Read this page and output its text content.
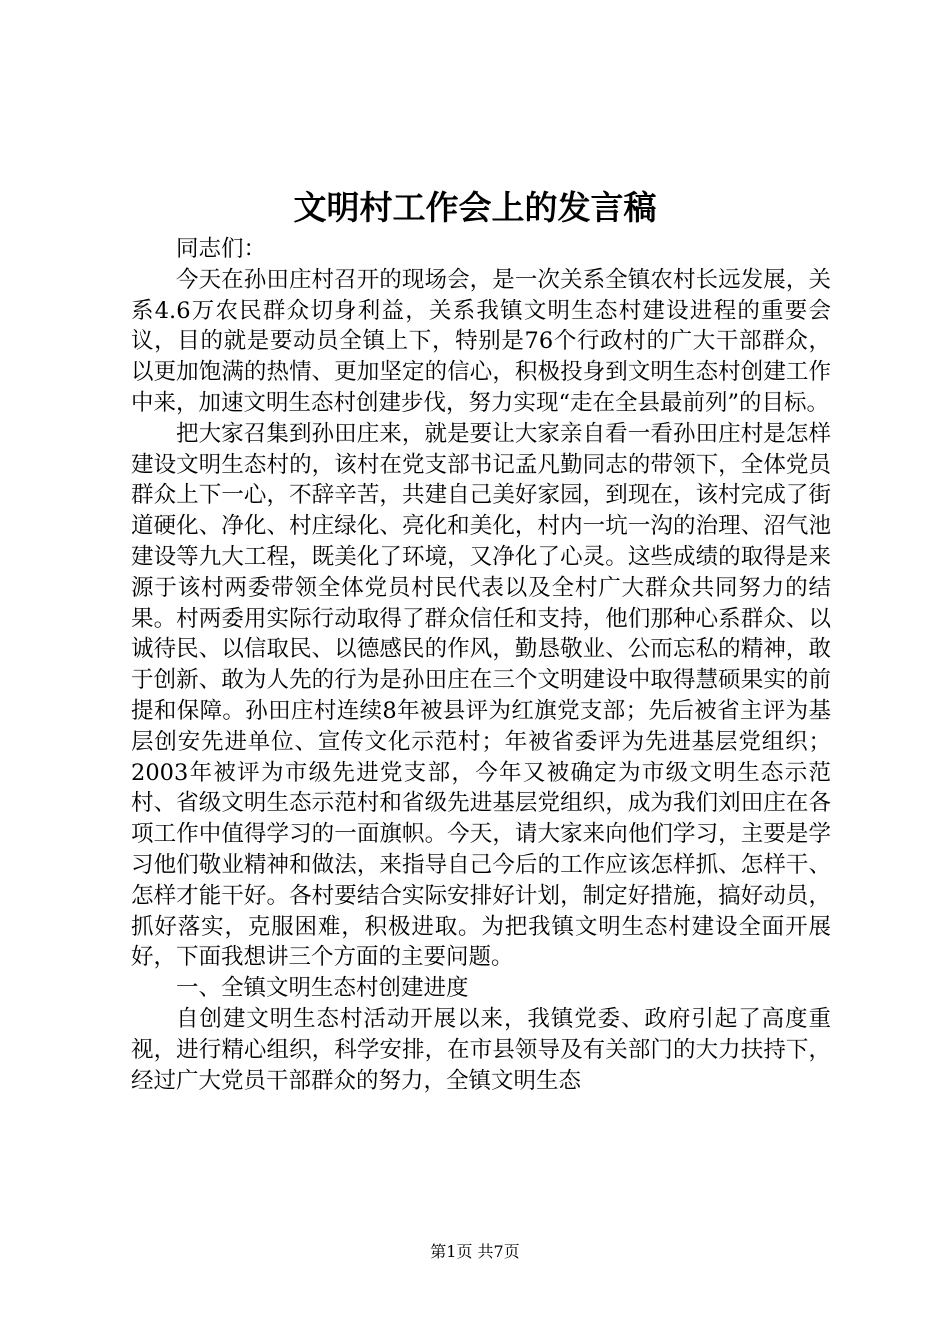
文明村工作会上的发言稿

同志们：

今天在孙田庄村召开的现场会，是一次关系全镇农村长远发展，关系4.6万农民群众切身利益，关系我镇文明生态村建设进程的重要会议，目的就是要动员全镇上下，特别是76个行政村的广大干部群众，以更加饱满的热情、更加坚定的信心，积极投身到文明生态村创建工作中来，加速文明生态村创建步伐，努力实现“走在全县最前列”的目标。

把大家召集到孙田庄来，就是要让大家亲自看一看孙田庄村是怎样建设文明生态村的，该村在党支部书记孟凡勤同志的带领下，全体党员群众上下一心，不辞辛苦，共建自己美好家园，到现在，该村完成了街道硬化、净化、村庄绿化、亮化和美化，村内一坑一沟的治理、沼气池建设等九大工程，既美化了环境，又净化了心灵。这些成绩的取得是来源于该村两委带领全体党员村民代表以及全村广大群众共同努力的结果。村两委用实际行动取得了群众信任和支持，他们那种心系群众、以诚待民、以信取民、以德感民的作风，勤恳敬业、公而忘私的精神，敢于创新、敢为人先的行为是孙田庄在三个文明建设中取得慧硕果实的前提和保障。孙田庄村连续8年被县评为红旗党支部；先后被省主评为基层创安先进单位、宣传文化示范村；年被省委评为先进基层党组织；2003年被评为市级先进党支部，今年又被确定为市级文明生态示范村、省级文明生态示范村和省级先进基层党组织，成为我们刘田庄在各项工作中值得学习的一面旗帜。今天，请大家来向他们学习，主要是学习他们敬业精神和做法，来指导自己今后的工作应该怎样抓、怎样干、怎样才能干好。各村要结合实际安排好计划，制定好措施，搞好动员，抓好落实，克服困难，积极进取。为把我镇文明生态村建设全面开展好，下面我想讲三个方面的主要问题。

一、全镇文明生态村创建进度

自创建文明生态村活动开展以来，我镇党委、政府引起了高度重视，进行精心组织，科学安排，在市县领导及有关部门的大力扶持下，经过广大党员干部群众的努力，全镇文明生态

第1页 共7页
